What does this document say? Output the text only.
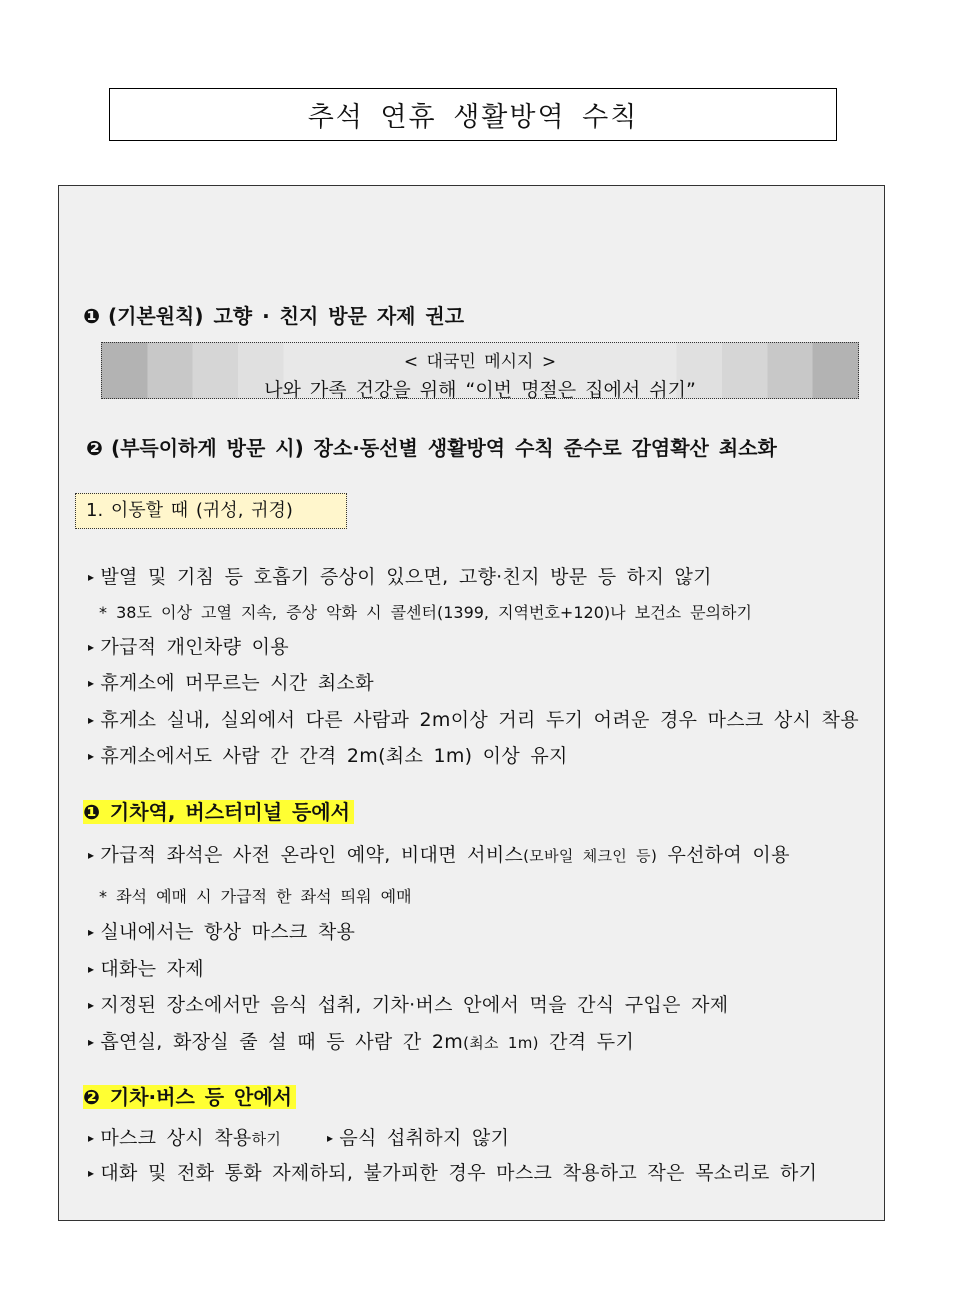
추석 연휴 생활방역 수칙
❶ (기본원칙) 고향 · 친지 방문 자제 권고
< 대국민 메시지 >
나와 가족 건강을 위해 “이번 명절은 집에서 쉬기”
❷ (부득이하게 방문 시) 장소·동선별 생활방역 수칙 준수로 감염확산 최소화
1. 이동할 때 (귀성, 귀경)
▸ 발열 및 기침 등 호흡기 증상이 있으면, 고향·친지 방문 등 하지 않기
* 38도 이상 고열 지속, 증상 악화 시 콜센터(1399, 지역번호+120)나 보건소 문의하기
▸ 가급적 개인차량 이용
▸ 휴게소에 머무르는 시간 최소화
▸ 휴게소 실내, 실외에서 다른 사람과 2m이상 거리 두기 어려운 경우 마스크 상시 착용
▸ 휴게소에서도 사람 간 간격 2m(최소 1m) 이상 유지
❶ 기차역, 버스터미널 등에서
▸ 가급적 좌석은 사전 온라인 예약, 비대면 서비스(모바일 체크인 등) 우선하여 이용
* 좌석 예매 시 가급적 한 좌석 띄워 예매
▸ 실내에서는 항상 마스크 착용
▸ 대화는 자제
▸ 지정된 장소에서만 음식 섭취, 기차·버스 안에서 먹을 간식 구입은 자제
▸ 흡연실, 화장실 줄 설 때 등 사람 간 2m(최소 1m) 간격 두기
❷ 기차·버스 등 안에서
▸ 마스크 상시 착용하기	▸ 음식 섭취하지 않기
▸ 대화 및 전화 통화 자제하되, 불가피한 경우 마스크 착용하고 작은 목소리로 하기
